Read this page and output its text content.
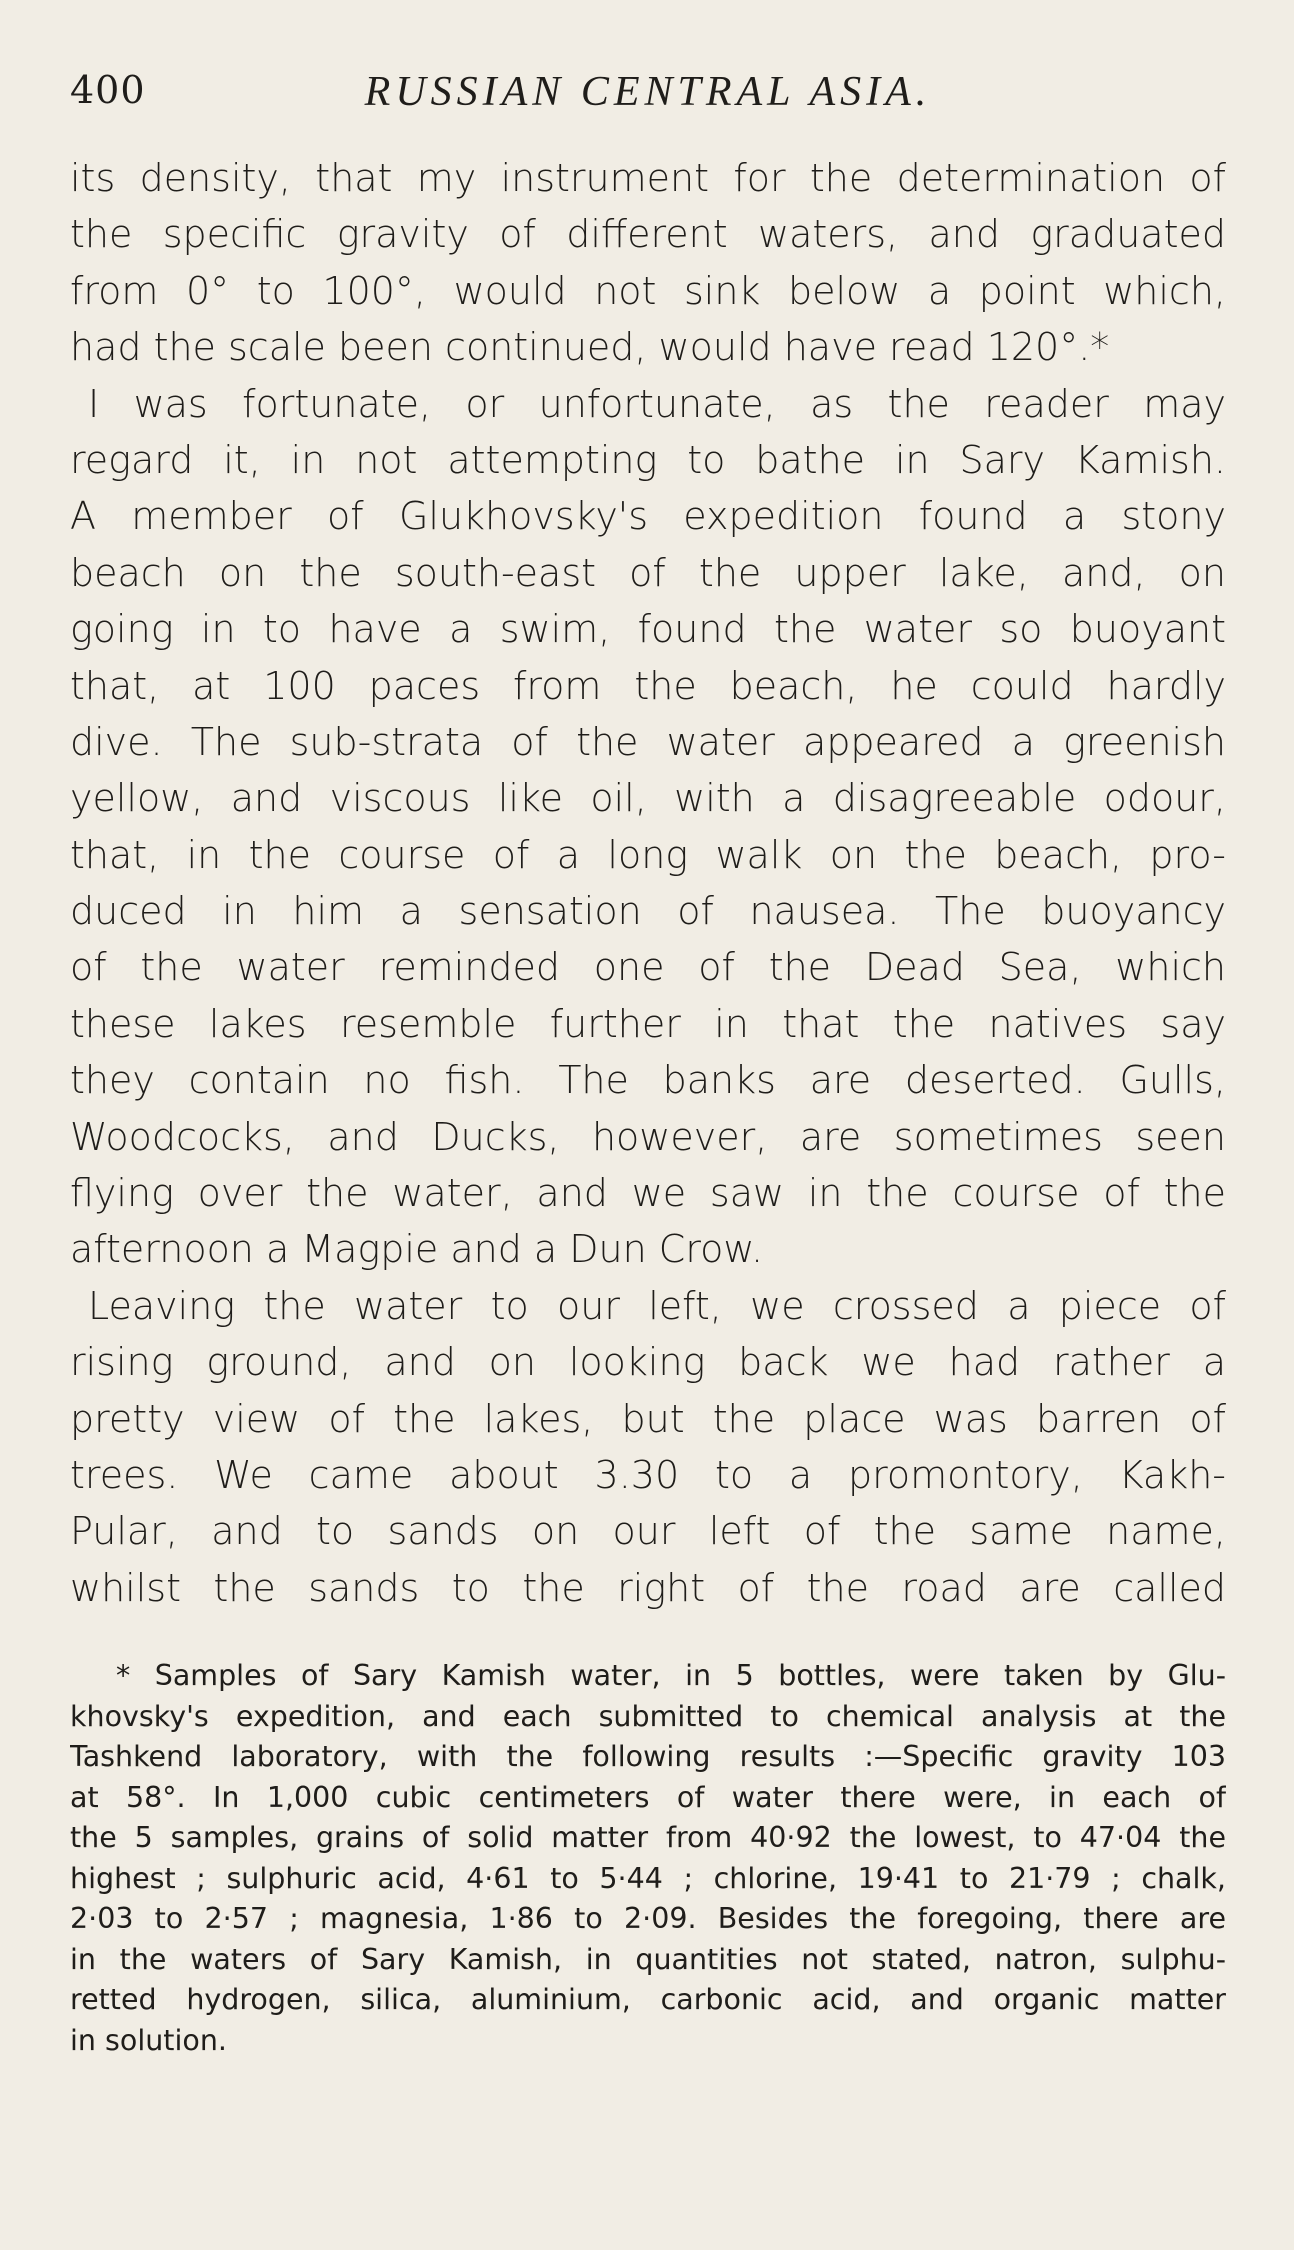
400	RUSSIAN CENTRAL ASIA.
its density, that my instrument for the determination of
the specific gravity of different waters, and graduated
from 0° to 100°, would not sink below a point which,
had the scale been continued, would have read 120°.*
I was fortunate, or unfortunate, as the reader may
regard it, in not attempting to bathe in Sary Kamish.
A member of Glukhovsky's expedition found a stony
beach on the south-east of the upper lake, and, on
going in to have a swim, found the water so buoyant
that, at 100 paces from the beach, he could hardly
dive. The sub-strata of the water appeared a greenish
yellow, and viscous like oil, with a disagreeable odour,
that, in the course of a long walk on the beach, pro-
duced in him a sensation of nausea. The buoyancy
of the water reminded one of the Dead Sea, which
these lakes resemble further in that the natives say
they contain no fish. The banks are deserted. Gulls,
Woodcocks, and Ducks, however, are sometimes seen
flying over the water, and we saw in the course of the
afternoon a Magpie and a Dun Crow.
Leaving the water to our left, we crossed a piece of
rising ground, and on looking back we had rather a
pretty view of the lakes, but the place was barren of
trees. We came about 3.30 to a promontory, Kakh-
Pular, and to sands on our left of the same name,
whilst the sands to the right of the road are called
* Samples of Sary Kamish water, in 5 bottles, were taken by Glu-
khovsky's expedition, and each submitted to chemical analysis at the
Tashkend laboratory, with the following results :—Specific gravity 103
at 58°. In 1,000 cubic centimeters of water there were, in each of
the 5 samples, grains of solid matter from 40·92 the lowest, to 47·04 the
highest ; sulphuric acid, 4·61 to 5·44 ; chlorine, 19·41 to 21·79 ; chalk,
2·03 to 2·57 ; magnesia, 1·86 to 2·09. Besides the foregoing, there are
in the waters of Sary Kamish, in quantities not stated, natron, sulphu-
retted hydrogen, silica, aluminium, carbonic acid, and organic matter
in solution.
